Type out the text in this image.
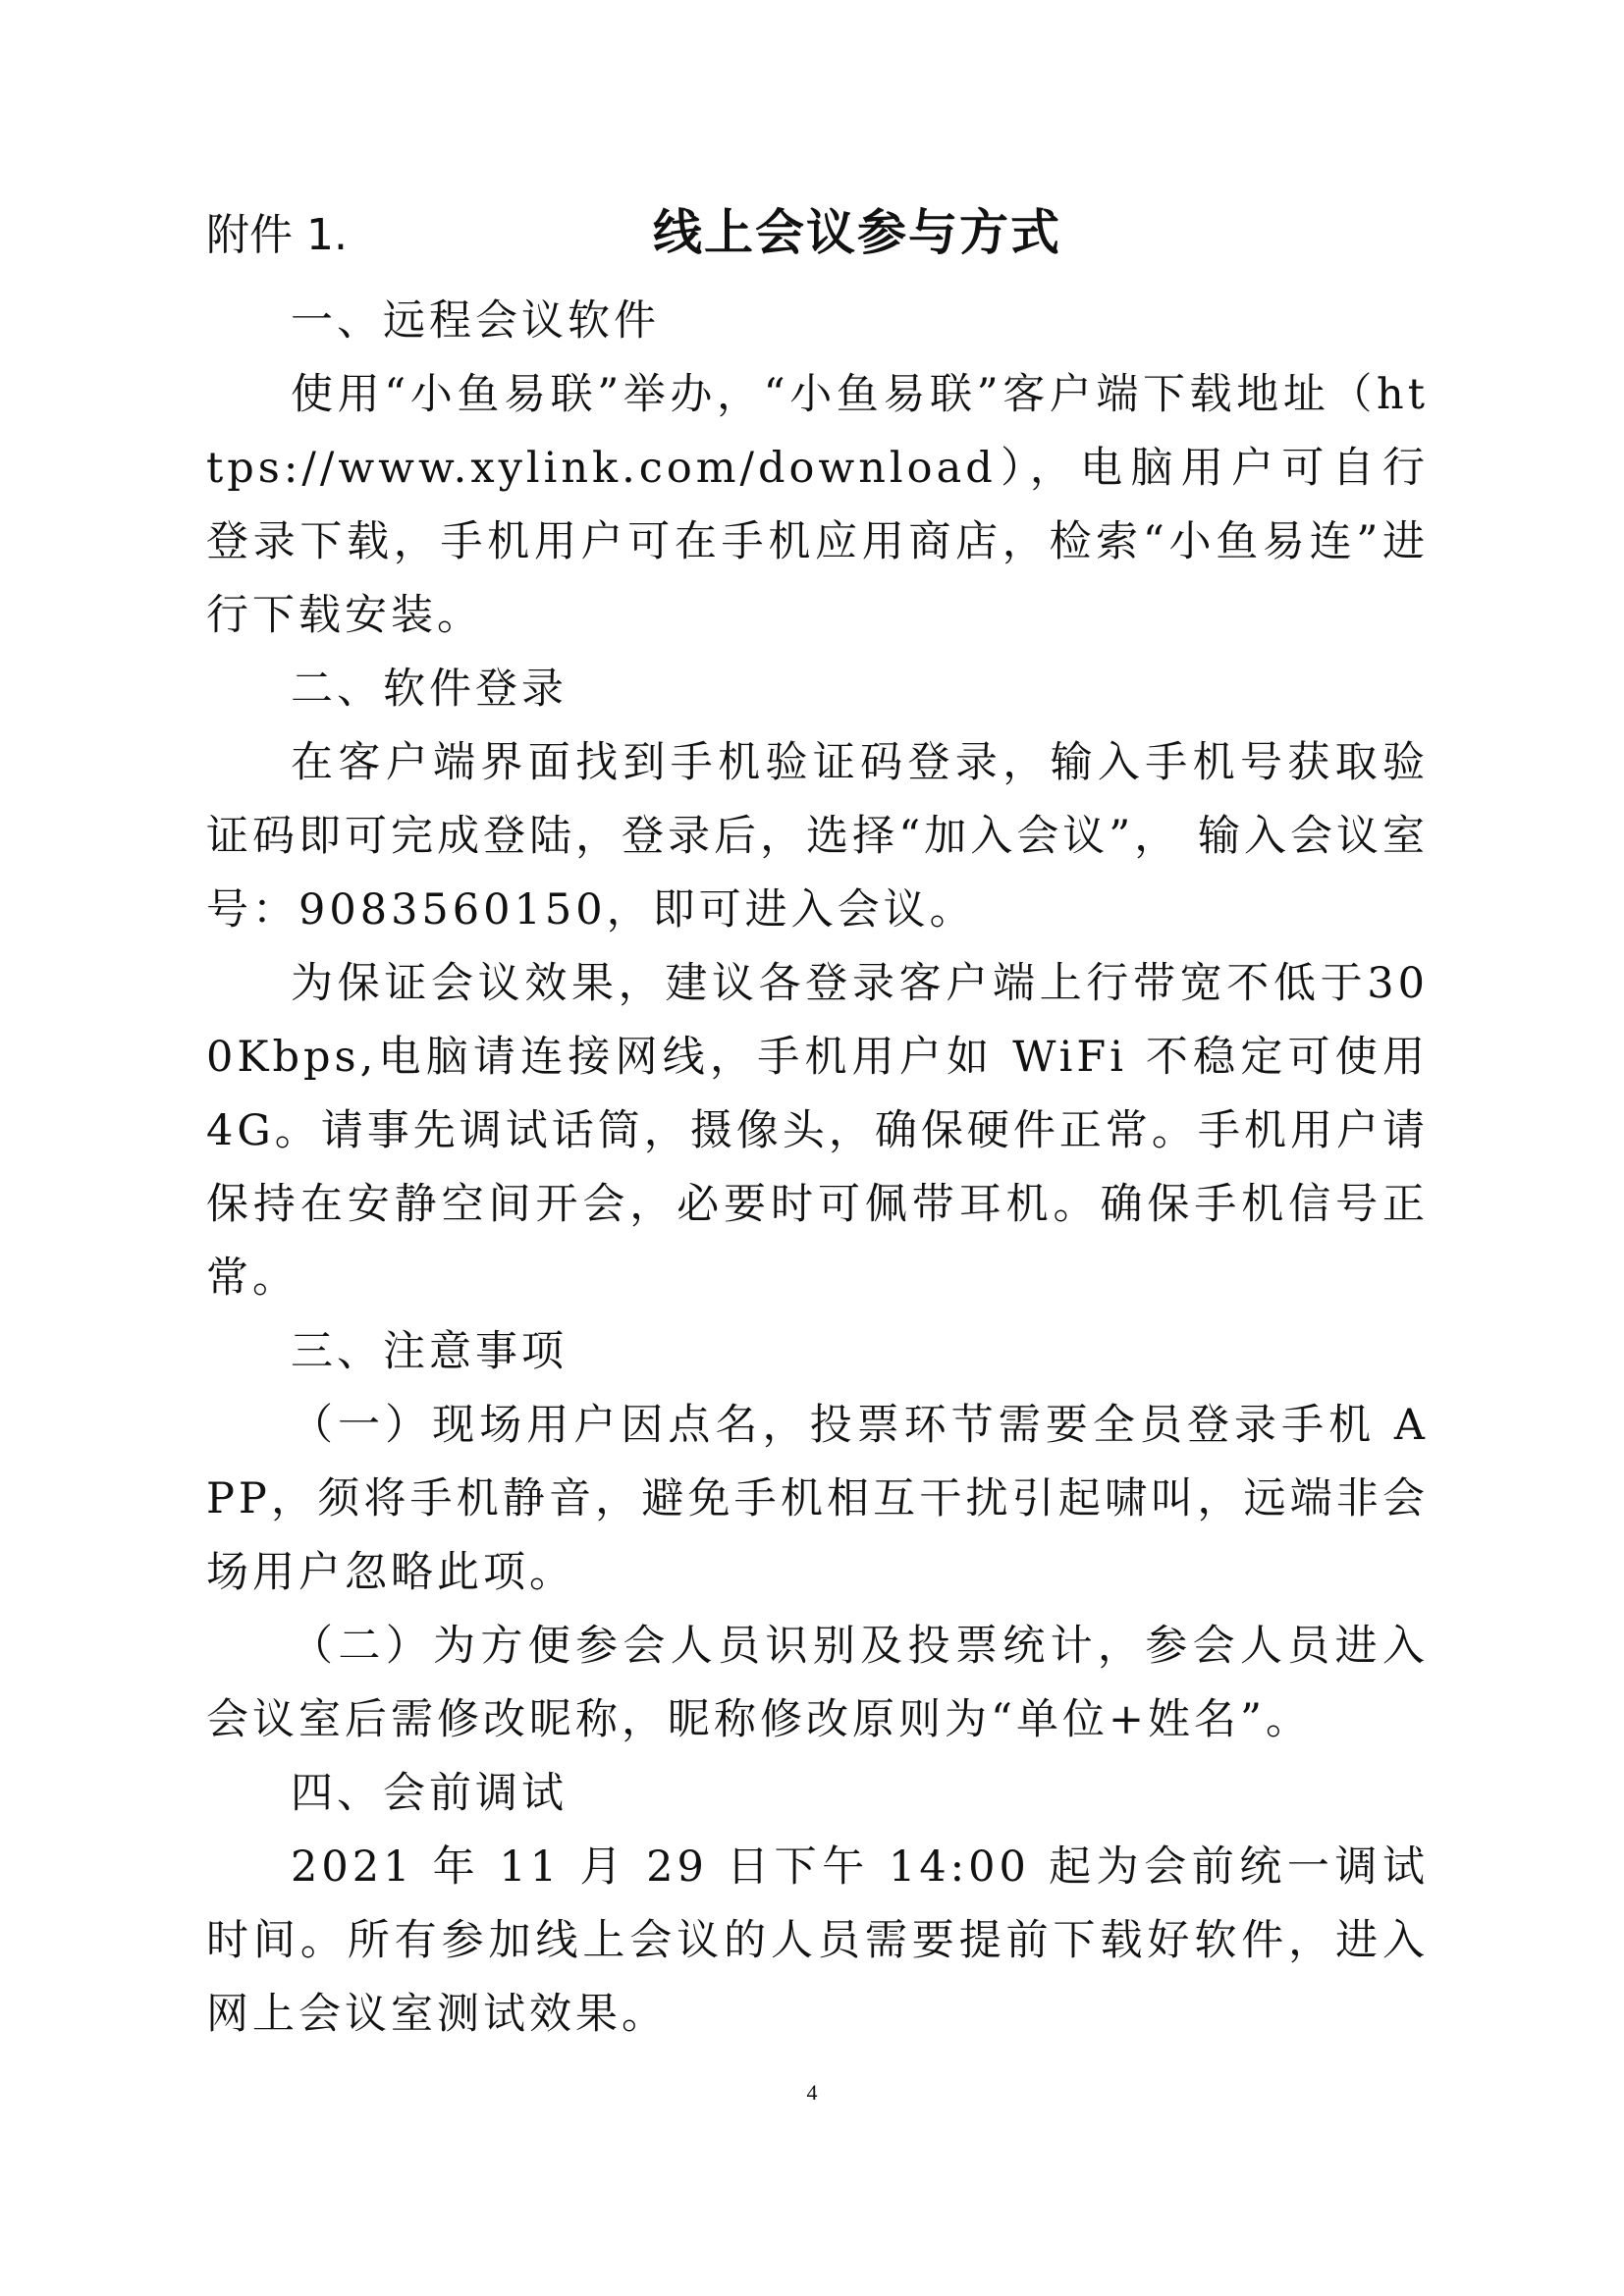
附件 1.	线上会议参与方式

一、远程会议软件

使用“小鱼易联”举办，“小鱼易联”客户端下载地址（https://www.xylink.com/download），电脑用户可自行登录下载，手机用户可在手机应用商店，检索“小鱼易连”进行下载安装。

二、软件登录

在客户端界面找到手机验证码登录，输入手机号获取验证码即可完成登陆，登录后，选择“加入会议”， 输入会议室号：9083560150，即可进入会议。

为保证会议效果，建议各登录客户端上行带宽不低于300Kbps,电脑请连接网线，手机用户如 WiFi 不稳定可使用 4G。请事先调试话筒，摄像头，确保硬件正常。手机用户请保持在安静空间开会，必要时可佩带耳机。确保手机信号正常。

三、注意事项

（一）现场用户因点名，投票环节需要全员登录手机 APP，须将手机静音，避免手机相互干扰引起啸叫，远端非会场用户忽略此项。

（二）为方便参会人员识别及投票统计，参会人员进入会议室后需修改昵称，昵称修改原则为“单位+姓名”。

四、会前调试

2021 年 11 月 29 日下午 14:00 起为会前统一调试时间。所有参加线上会议的人员需要提前下载好软件，进入网上会议室测试效果。

4
